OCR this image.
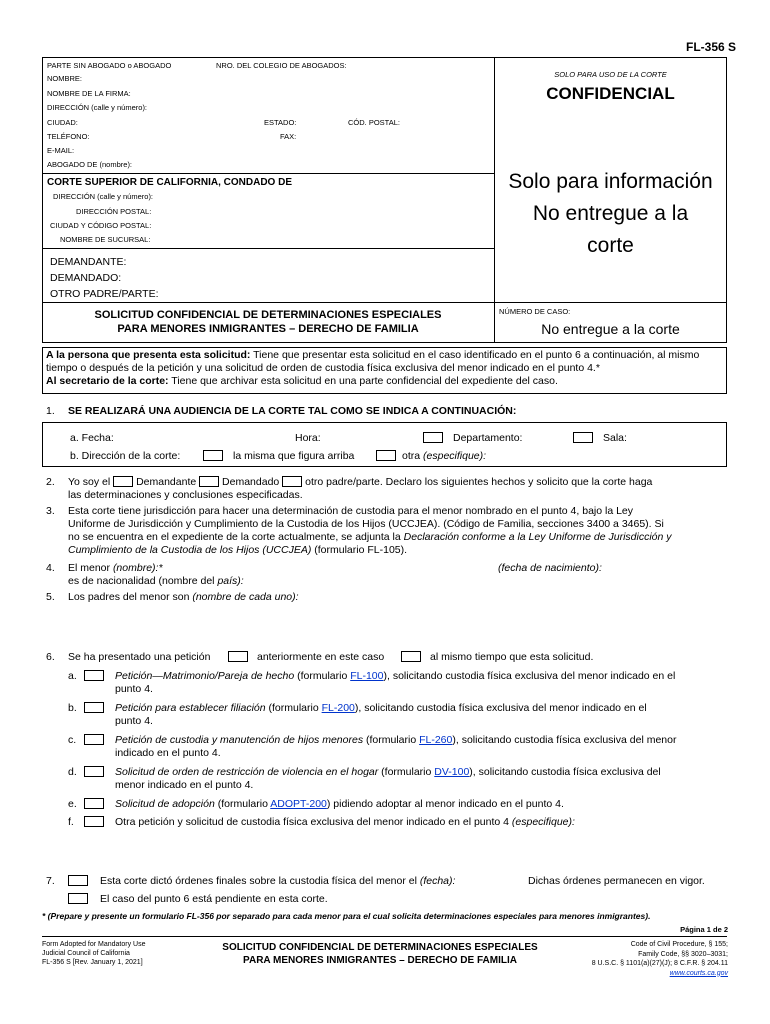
FL-356 S
PARTE SIN ABOGADO o ABOGADO	NRO. DEL COLEGIO DE ABOGADOS:
NOMBRE:
NOMBRE DE LA FIRMA:
DIRECCIÓN (calle y número):
CIUDAD:	ESTADO:	CÓD. POSTAL:
TELÉFONO:	FAX:
E-MAIL:
ABOGADO DE (nombre):
SOLO PARA USO DE LA CORTE
CONFIDENCIAL
Solo para información
No entregue a la
corte
CORTE SUPERIOR DE CALIFORNIA, CONDADO DE
DIRECCIÓN (calle y número):
DIRECCIÓN POSTAL:
CIUDAD Y CÓDIGO POSTAL:
NOMBRE DE SUCURSAL:
DEMANDANTE:
DEMANDADO:
OTRO PADRE/PARTE:
SOLICITUD CONFIDENCIAL DE DETERMINACIONES ESPECIALES
PARA MENORES INMIGRANTES – DERECHO DE FAMILIA
NÚMERO DE CASO:
No entregue a la corte
A la persona que presenta esta solicitud: Tiene que presentar esta solicitud en el caso identificado en el punto 6 a continuación, al mismo tiempo o después de la petición y una solicitud de orden de custodia física exclusiva del menor indicado en el punto 4.*
Al secretario de la corte: Tiene que archivar esta solicitud en una parte confidencial del expediente del caso.
1. SE REALIZARÁ UNA AUDIENCIA DE LA CORTE TAL COMO SE INDICA A CONTINUACIÓN:
a. Fecha:	Hora:	Departamento:	Sala:
b. Dirección de la corte:	la misma que figura arriba	otra (especifique):
2. Yo soy el Demandante Demandado otro padre/parte. Declaro los siguientes hechos y solicito que la corte haga
las determinaciones y conclusiones especificadas.
3. Esta corte tiene jurisdicción para hacer una determinación de custodia para el menor nombrado en el punto 4, bajo la Ley
Uniforme de Jurisdicción y Cumplimiento de la Custodia de los Hijos (UCCJEA). (Código de Familia, secciones 3400 a 3465). Si
no se encuentra en el expediente de la corte actualmente, se adjunta la Declaración conforme a la Ley Uniforme de Jurisdicción y
Cumplimiento de la Custodia de los Hijos (UCCJEA) (formulario FL-105).
4. El menor (nombre):*	(fecha de nacimiento):
es de nacionalidad (nombre del país):
5. Los padres del menor son (nombre de cada uno):
6. Se ha presentado una petición	anteriormente en este caso	al mismo tiempo que esta solicitud.
a.	Petición—Matrimonio/Pareja de hecho (formulario FL-100), solicitando custodia física exclusiva del menor indicado en el
punto 4.
b.	Petición para establecer filiación (formulario FL-200), solicitando custodia física exclusiva del menor indicado en el
punto 4.
c.	Petición de custodia y manutención de hijos menores (formulario FL-260), solicitando custodia física exclusiva del menor
indicado en el punto 4.
d.	Solicitud de orden de restricción de violencia en el hogar (formulario DV-100), solicitando custodia física exclusiva del
menor indicado en el punto 4.
e.	Solicitud de adopción (formulario ADOPT-200) pidiendo adoptar al menor indicado en el punto 4.
f.	Otra petición y solicitud de custodia física exclusiva del menor indicado en el punto 4 (especifique):
7.	Esta corte dictó órdenes finales sobre la custodia física del menor el (fecha):	Dichas órdenes permanecen en vigor.
El caso del punto 6 está pendiente en esta corte.
* (Prepare y presente un formulario FL-356 por separado para cada menor para el cual solicita determinaciones especiales para menores inmigrantes).
Página 1 de 2
Form Adopted for Mandatory Use
Judicial Council of California
FL-356 S [Rev. January 1, 2021]
SOLICITUD CONFIDENCIAL DE DETERMINACIONES ESPECIALES
PARA MENORES INMIGRANTES – DERECHO DE FAMILIA
Code of Civil Procedure, § 155;
Family Code, §§ 3020–3031;
8 U.S.C. § 1101(a)(27)(J); 8 C.F.R. § 204.11
www.courts.ca.gov
